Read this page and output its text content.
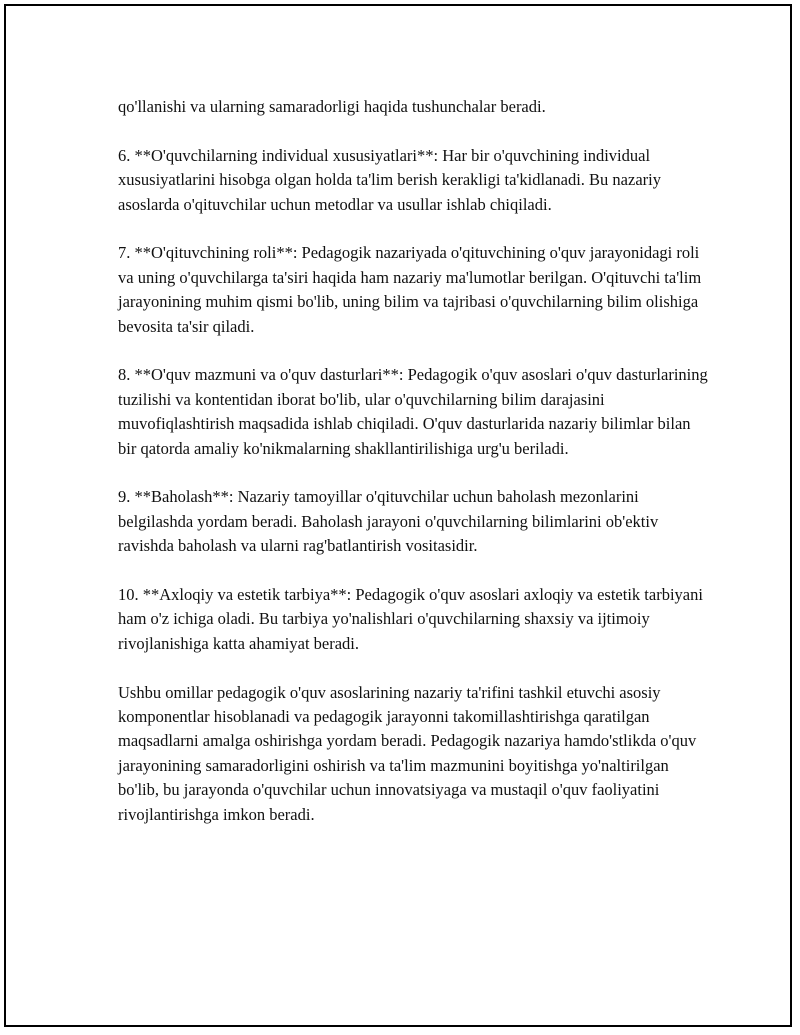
qo'llanishi va ularning samaradorligi haqida tushunchalar beradi.

6. **O'quvchilarning individual xususiyatlari**: Har bir o'quvchining individual xususiyatlarini hisobga olgan holda ta'lim berish kerakligi ta'kidlanadi. Bu nazariy asoslarda o'qituvchilar uchun metodlar va usullar ishlab chiqiladi.

7. **O'qituvchining roli**: Pedagogik nazariyada o'qituvchining o'quv jarayonidagi roli va uning o'quvchilarga ta'siri haqida ham nazariy ma'lumotlar berilgan. O'qituvchi ta'lim jarayonining muhim qismi bo'lib, uning bilim va tajribasi o'quvchilarning bilim olishiga bevosita ta'sir qiladi.

8. **O'quv mazmuni va o'quv dasturlari**: Pedagogik o'quv asoslari o'quv dasturlarining tuzilishi va kontentidan iborat bo'lib, ular o'quvchilarning bilim darajasini muvofiqlashtirish maqsadida ishlab chiqiladi. O'quv dasturlarida nazariy bilimlar bilan bir qatorda amaliy ko'nikmalarning shakllantirilishiga urg'u beriladi.

9. **Baholash**: Nazariy tamoyillar o'qituvchilar uchun baholash mezonlarini belgilashda yordam beradi. Baholash jarayoni o'quvchilarning bilimlarini ob'ektiv ravishda baholash va ularni rag'batlantirish vositasidir.

10. **Axloqiy va estetik tarbiya**: Pedagogik o'quv asoslari axloqiy va estetik tarbiyani ham o'z ichiga oladi. Bu tarbiya yo'nalishlari o'quvchilarning shaxsiy va ijtimoiy rivojlanishiga katta ahamiyat beradi.

Ushbu omillar pedagogik o'quv asoslarining nazariy ta'rifini tashkil etuvchi asosiy komponentlar hisoblanadi va pedagogik jarayonni takomillashtirishga qaratilgan maqsadlarni amalga oshirishga yordam beradi. Pedagogik nazariya hamdo'stlikda o'quv jarayonining samaradorligini oshirish va ta'lim mazmunini boyitishga yo'naltirilgan bo'lib, bu jarayonda o'quvchilar uchun innovatsiyaga va mustaqil o'quv faoliyatini rivojlantirishga imkon beradi.
